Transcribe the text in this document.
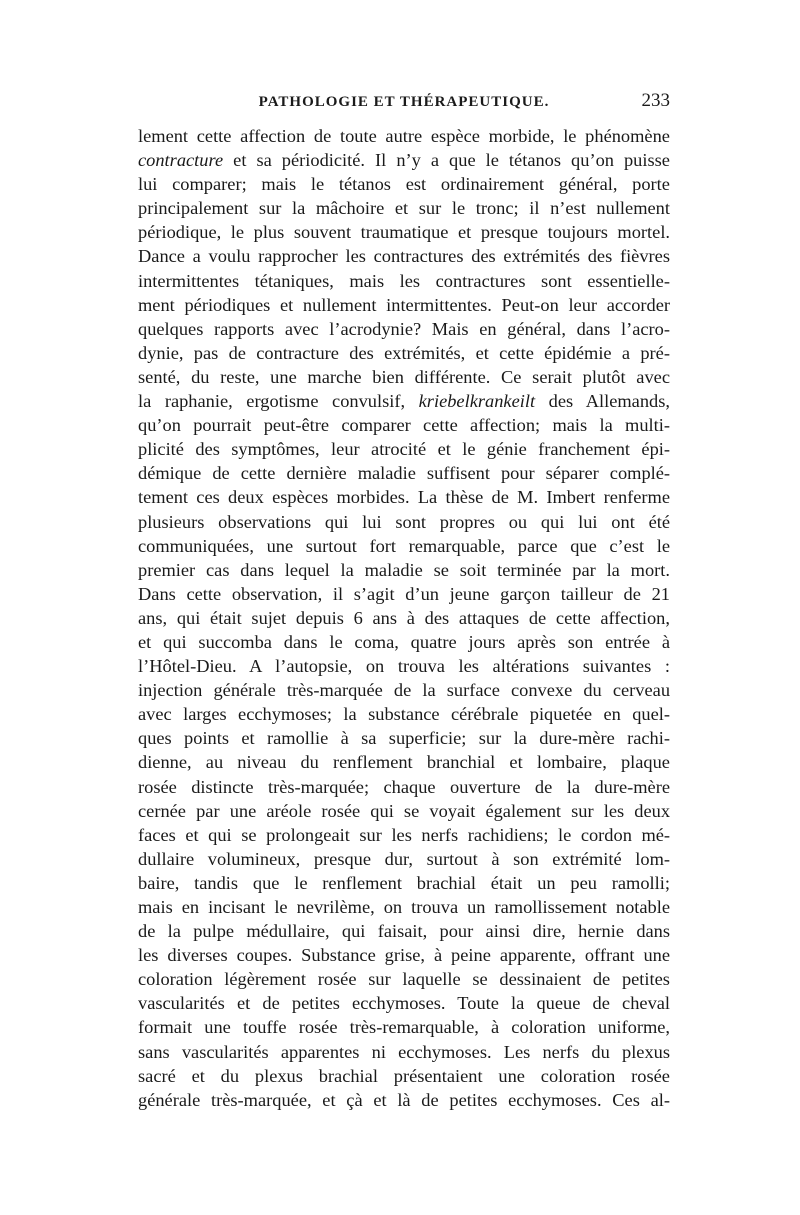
PATHOLOGIE ET THÉRAPEUTIQUE.	233
lement cette affection de toute autre espèce morbide, le phénomène
contracture et sa périodicité. Il n’y a que le tétanos qu’on puisse
lui comparer; mais le tétanos est ordinairement général, porte
principalement sur la mâchoire et sur le tronc; il n’est nullement
périodique, le plus souvent traumatique et presque toujours mortel.
Dance a voulu rapprocher les contractures des extrémités des fièvres
intermittentes tétaniques, mais les contractures sont essentielle-
ment périodiques et nullement intermittentes. Peut-on leur accorder
quelques rapports avec l’acrodynie? Mais en général, dans l’acro-
dynie, pas de contracture des extrémités, et cette épidémie a pré-
senté, du reste, une marche bien différente. Ce serait plutôt avec
la raphanie, ergotisme convulsif, kriebelkrankeilt des Allemands,
qu’on pourrait peut-être comparer cette affection; mais la multi-
plicité des symptômes, leur atrocité et le génie franchement épi-
démique de cette dernière maladie suffisent pour séparer complé-
tement ces deux espèces morbides. La thèse de M. Imbert renferme
plusieurs observations qui lui sont propres ou qui lui ont été
communiquées, une surtout fort remarquable, parce que c’est le
premier cas dans lequel la maladie se soit terminée par la mort.
Dans cette observation, il s’agit d’un jeune garçon tailleur de 21
ans, qui était sujet depuis 6 ans à des attaques de cette affection,
et qui succomba dans le coma, quatre jours après son entrée à
l’Hôtel-Dieu. A l’autopsie, on trouva les altérations suivantes :
injection générale très-marquée de la surface convexe du cerveau
avec larges ecchymoses; la substance cérébrale piquetée en quel-
ques points et ramollie à sa superficie; sur la dure-mère rachi-
dienne, au niveau du renflement branchial et lombaire, plaque
rosée distincte très-marquée; chaque ouverture de la dure-mère
cernée par une aréole rosée qui se voyait également sur les deux
faces et qui se prolongeait sur les nerfs rachidiens; le cordon mé-
dullaire volumineux, presque dur, surtout à son extrémité lom-
baire, tandis que le renflement brachial était un peu ramolli;
mais en incisant le nevrilème, on trouva un ramollissement notable
de la pulpe médullaire, qui faisait, pour ainsi dire, hernie dans
les diverses coupes. Substance grise, à peine apparente, offrant une
coloration légèrement rosée sur laquelle se dessinaient de petites
vascularités et de petites ecchymoses. Toute la queue de cheval
formait une touffe rosée très-remarquable, à coloration uniforme,
sans vascularités apparentes ni ecchymoses. Les nerfs du plexus
sacré et du plexus brachial présentaient une coloration rosée
générale très-marquée, et çà et là de petites ecchymoses. Ces al-
